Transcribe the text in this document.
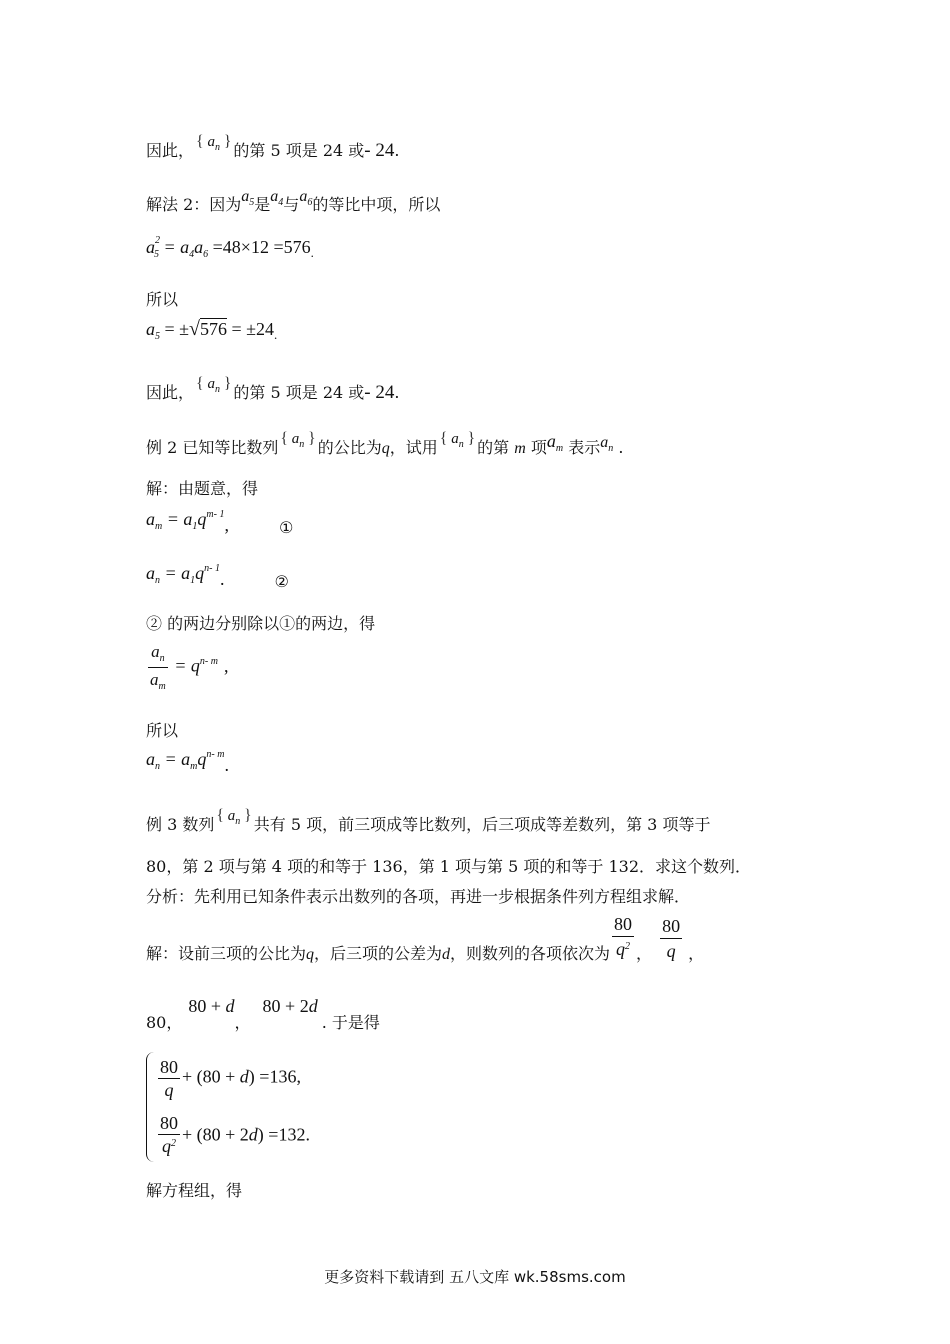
因此， { $a_n$ } 的第 5 项是 24 或- 24.
解法 2：因为$a_5$是$a_4$与$a_6$的等比中项，所以
$a^2_5 = a_4a_6 =48\times 12 =576_.$
所以
$a_5 = \pm√576 = \pm 24_.$
因此， { $a_n$ } 的第 5 项是 24 或- 24.
例 2 已知等比数列 { $a_n$ } 的公比为q，试用 { $a_n$ } 的第 m 项$a_m$ 表示$a_n$ .
解：由题意，得
$a_m = a_1q^{m- 1}$,	①
$a_n = a_1q^{n- 1}$.	②
② 的两边分别除以①的两边，得
$\frac{a_n}{a_m} = q^{n- m}$ ,
所以
$a_n = a_mq^{n- m}$.
例 3 数列 { $a_n$ } 共有 5 项，前三项成等比数列，后三项成等差数列，第 3 项等于
80，第 2 项与第 4 项的和等于 136，第 1 项与第 5 项的和等于 132．求这个数列．
分析：先利用已知条件表示出数列的各项，再进一步根据条件列方程组求解．
解：设前三项的公比为q，后三项的公差为d，则数列的各项依次为 $\frac{80}{q^2}$ ， $\frac{80}{q}$ ，
80，80 + d，80 + 2d. 于是得
$\frac{80}{q} + (80 + d) =136$,
$\frac{80}{q^2} + (80 + 2d) =132$.
解方程组，得
更多资料下载请到 五八文库 wk.58sms.com
